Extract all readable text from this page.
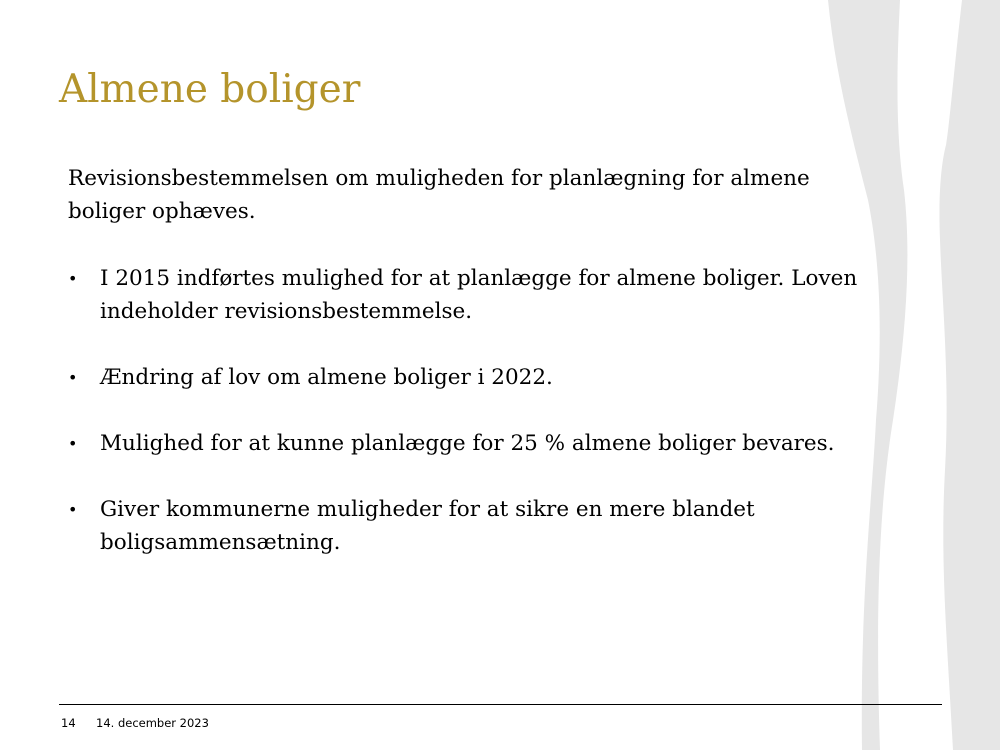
Almene boliger

Revisionsbestemmelsen om muligheden for planlægning for almene boliger ophæves.

•	I 2015 indførtes mulighed for at planlægge for almene boliger. Loven indeholder revisionsbestemmelse.
•	Ændring af lov om almene boliger i 2022.
•	Mulighed for at kunne planlægge for 25 % almene boliger bevares.
•	Giver kommunerne muligheder for at sikre en mere blandet boligsammensætning.
14 14. december 2023
